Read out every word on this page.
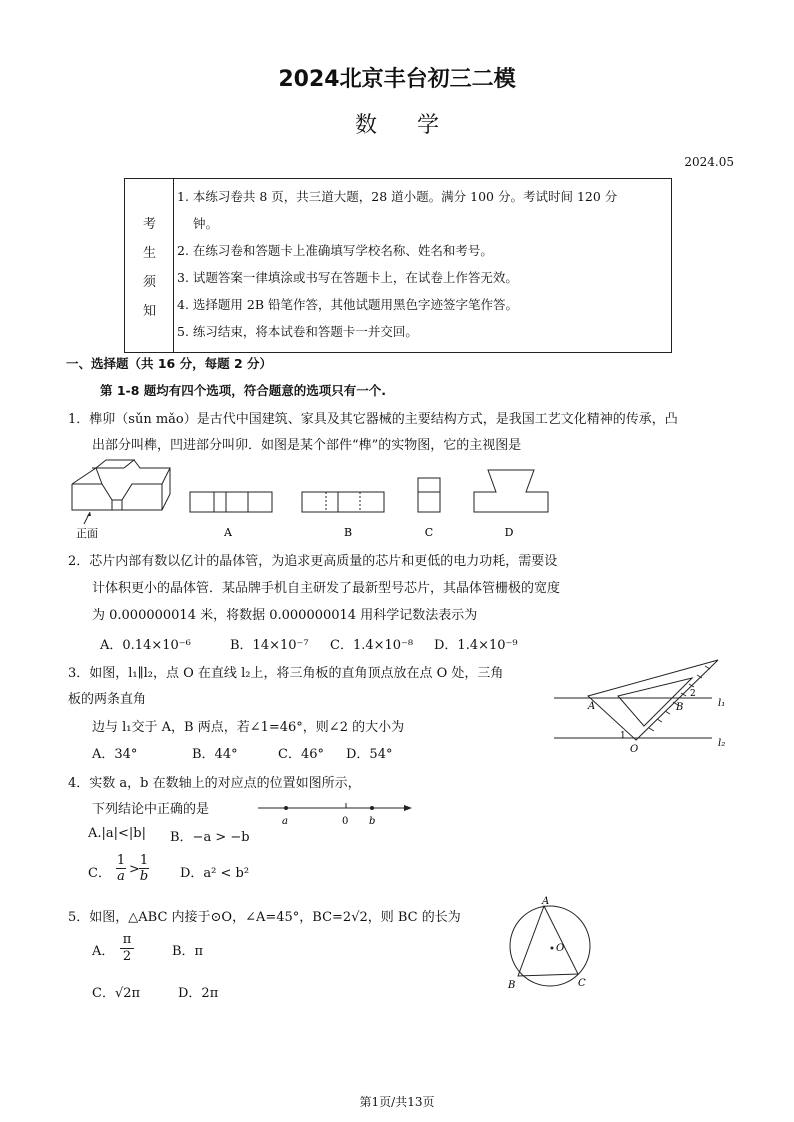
2024北京丰台初三二模
数学
2024.05
考
生
须
知
1. 本练习卷共 8 页，共三道大题，28 道小题。满分 100 分。考试时间 120 分
钟。
2. 在练习卷和答题卡上准确填写学校名称、姓名和考号。
3. 试题答案一律填涂或书写在答题卡上，在试卷上作答无效。
4. 选择题用 2B 铅笔作答，其他试题用黑色字迹签字笔作答。
5. 练习结束，将本试卷和答题卡一并交回。
一、选择题（共 16 分，每题 2 分）
第 1-8 题均有四个选项，符合题意的选项只有一个.
1．榫卯（sǔn mǎo）是古代中国建筑、家具及其它器械的主要结构方式，是我国工艺文化精神的传承，凸
出部分叫榫，凹进部分叫卯．如图是某个部件“榫”的实物图，它的主视图是
正面	A	B	C	D
2．芯片内部有数以亿计的晶体管，为追求更高质量的芯片和更低的电力功耗，需要设
计体积更小的晶体管．某品牌手机自主研发了最新型号芯片，其晶体管栅极的宽度
为 0.000000014 米，将数据 0.000000014 用科学记数法表示为
A．0.14×10⁻⁶	B．14×10⁻⁷ C．1.4×10⁻⁸ D．1.4×10⁻⁹
3．如图，l₁∥l₂，点 O 在直线 l₂上，将三角板的直角顶点放在点 O 处，三角
板的两条直角
边与 l₁交于 A，B 两点，若∠1=46°，则∠2 的大小为
A．34°	B．44°	C．46° D．54°
l₁
l₂
A	B
O
1
2
4．实数 a，b 在数轴上的对应点的位置如图所示，
下列结论中正确的是
a	0 b
A.|a|<|b| B．−a > −b
C． $\frac{1}{a} > \frac{1}{b}$ D．a² < b²
5．如图，△ABC 内接于⊙O，∠A=45°，BC=2√2，则 BC 的长为
A． $\frac{\pi}{2}$	B．π
C．√2π	D．2π
A
B	C
O
第1页/共13页
